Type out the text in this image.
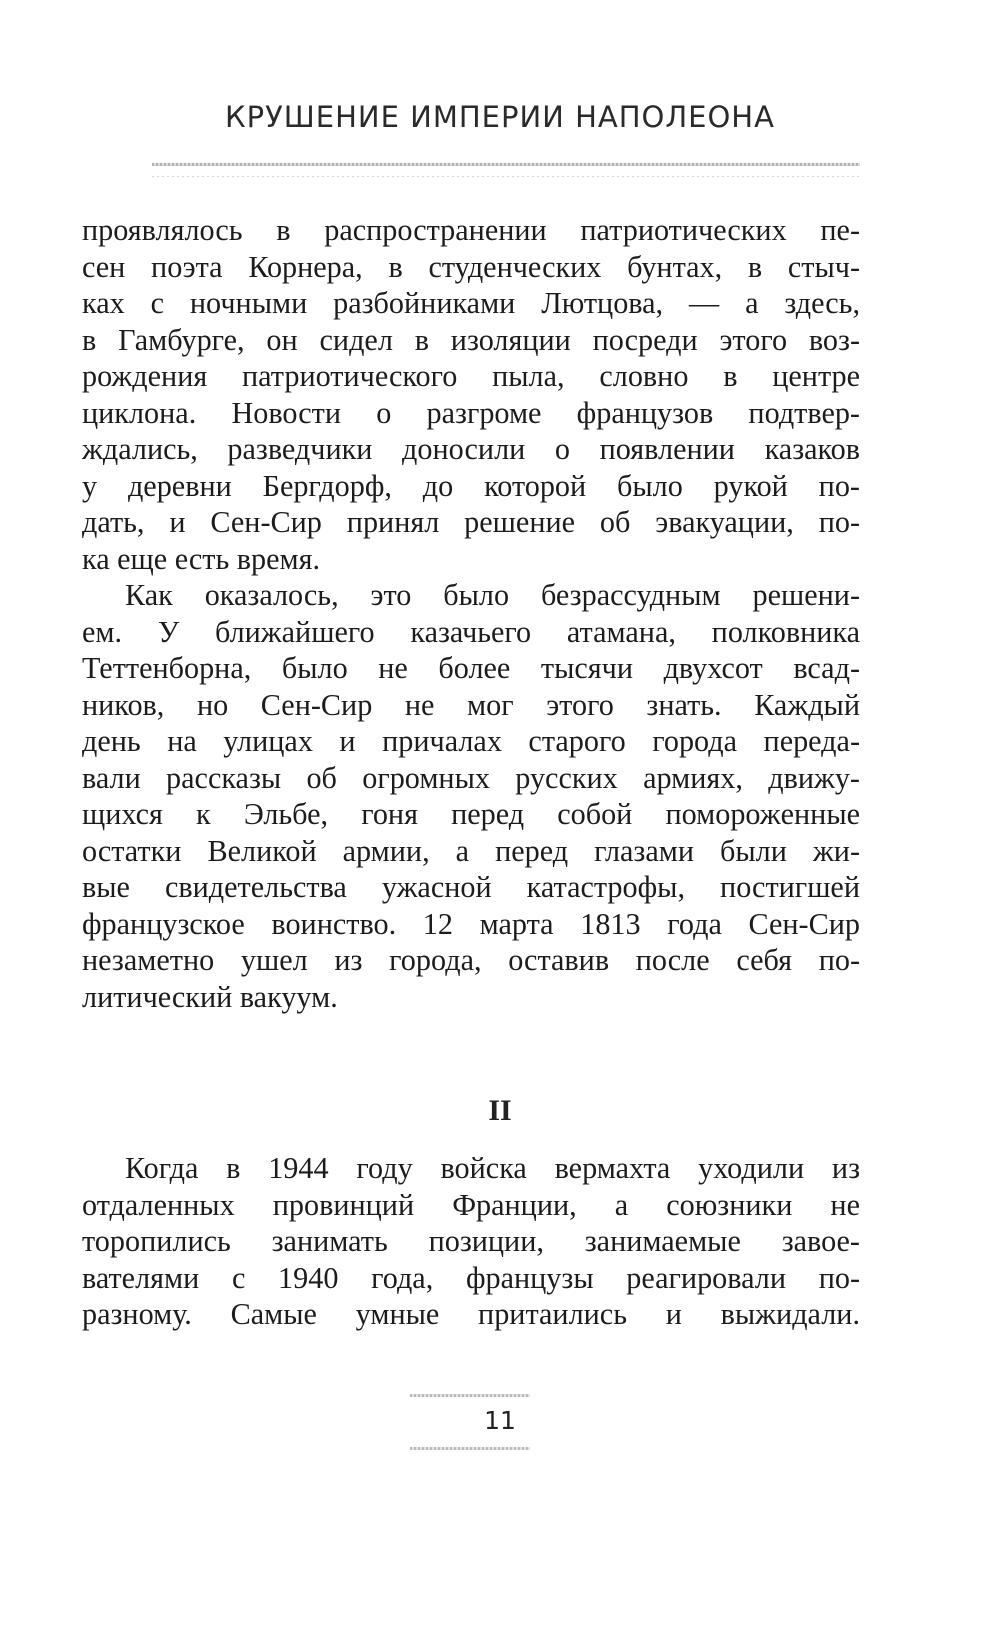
КРУШЕНИЕ ИМПЕРИИ НАПОЛЕОНА
проявлялось в распространении патриотических пе-
сен поэта Корнера, в студенческих бунтах, в стыч-
ках с ночными разбойниками Лютцова, — а здесь,
в Гамбурге, он сидел в изоляции посреди этого воз-
рождения патриотического пыла, словно в центре
циклона. Новости о разгроме французов подтвер-
ждались, разведчики доносили о появлении казаков
у деревни Бергдорф, до которой было рукой по-
дать, и Сен-Сир принял решение об эвакуации, по-
ка еще есть время.
Как оказалось, это было безрассудным решени-
ем. У ближайшего казачьего атамана, полковника
Теттенборна, было не более тысячи двухсот всад-
ников, но Сен-Сир не мог этого знать. Каждый
день на улицах и причалах старого города переда-
вали рассказы об огромных русских армиях, движу-
щихся к Эльбе, гоня перед собой поморожeнные
остатки Великой армии, а перед глазами были жи-
вые свидетельства ужасной катастрофы, постигшей
французское воинство. 12 марта 1813 года Сен-Сир
незаметно ушел из города, оставив после себя по-
литический вакуум.
II
Когда в 1944 году войска вермахта уходили из
отдаленных провинций Франции, а союзники не
торопились занимать позиции, занимаемые завое-
вателями с 1940 года, французы реагировали по-
разному. Самые умные притаились и выжидали.
11
